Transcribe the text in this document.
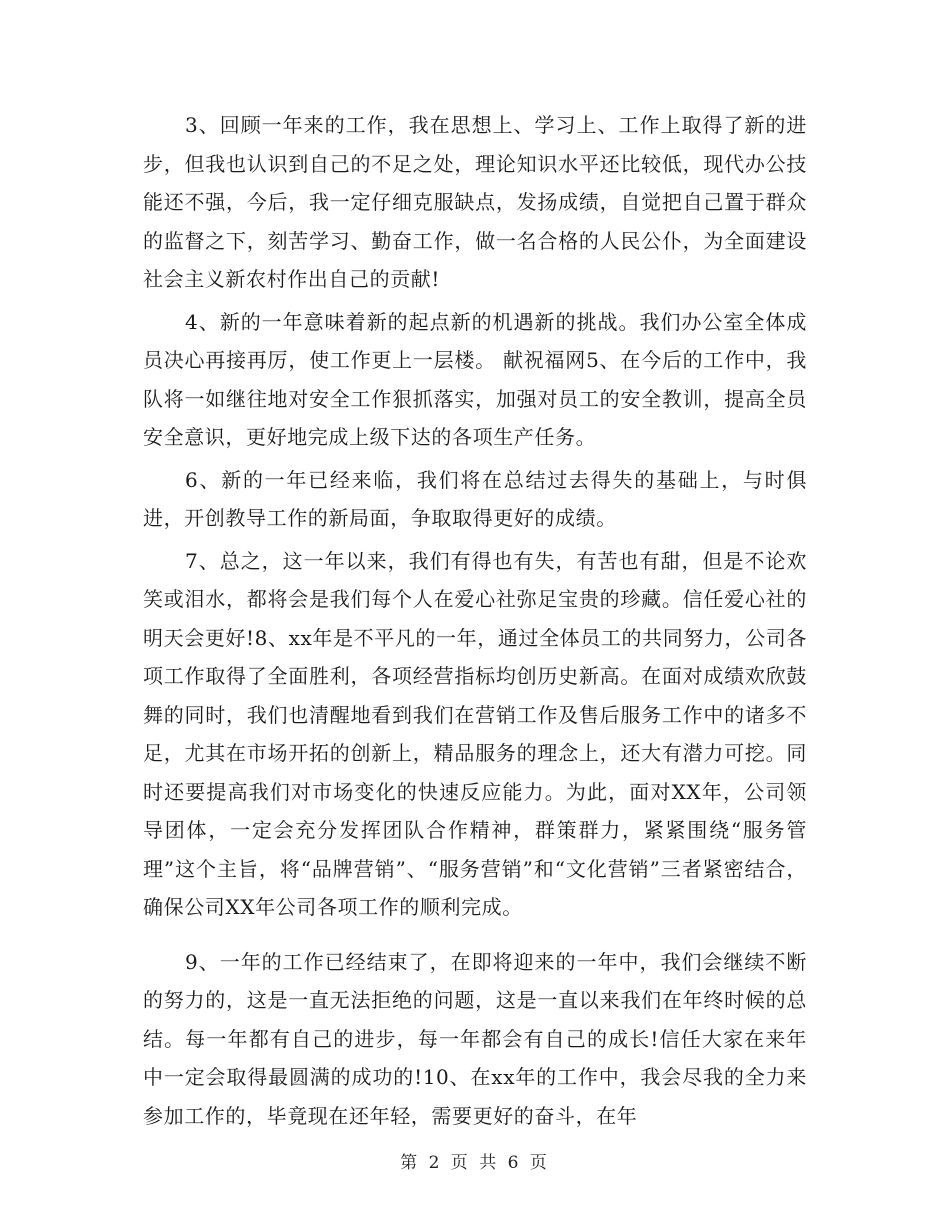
3、回顾一年来的工作，我在思想上、学习上、工作上取得了新的进步，但我也认识到自己的不足之处，理论知识水平还比较低，现代办公技能还不强，今后，我一定仔细克服缺点，发扬成绩，自觉把自己置于群众的监督之下，刻苦学习、勤奋工作，做一名合格的人民公仆，为全面建设社会主义新农村作出自己的贡献!

4、新的一年意味着新的起点新的机遇新的挑战。我们办公室全体成员决心再接再厉，使工作更上一层楼。 献祝福网5、在今后的工作中，我队将一如继往地对安全工作狠抓落实，加强对员工的安全教训，提高全员安全意识，更好地完成上级下达的各项生产任务。

6、新的一年已经来临，我们将在总结过去得失的基础上，与时俱进，开创教导工作的新局面，争取取得更好的成绩。

7、总之，这一年以来，我们有得也有失，有苦也有甜，但是不论欢笑或泪水，都将会是我们每个人在爱心社弥足宝贵的珍藏。信任爱心社的明天会更好!8、xx年是不平凡的一年，通过全体员工的共同努力，公司各项工作取得了全面胜利，各项经营指标均创历史新高。在面对成绩欢欣鼓舞的同时，我们也清醒地看到我们在营销工作及售后服务工作中的诸多不足，尤其在市场开拓的创新上，精品服务的理念上，还大有潜力可挖。同时还要提高我们对市场变化的快速反应能力。为此，面对XX年，公司领导团体，一定会充分发挥团队合作精神，群策群力，紧紧围绕“服务管理”这个主旨，将“品牌营销”、“服务营销”和“文化营销”三者紧密结合，确保公司XX年公司各项工作的顺利完成。

9、一年的工作已经结束了，在即将迎来的一年中，我们会继续不断的努力的，这是一直无法拒绝的问题，这是一直以来我们在年终时候的总结。每一年都有自己的进步，每一年都会有自己的成长!信任大家在来年中一定会取得最圆满的成功的!10、在xx年的工作中，我会尽我的全力来参加工作的，毕竟现在还年轻，需要更好的奋斗，在年

第 2 页 共 6 页
